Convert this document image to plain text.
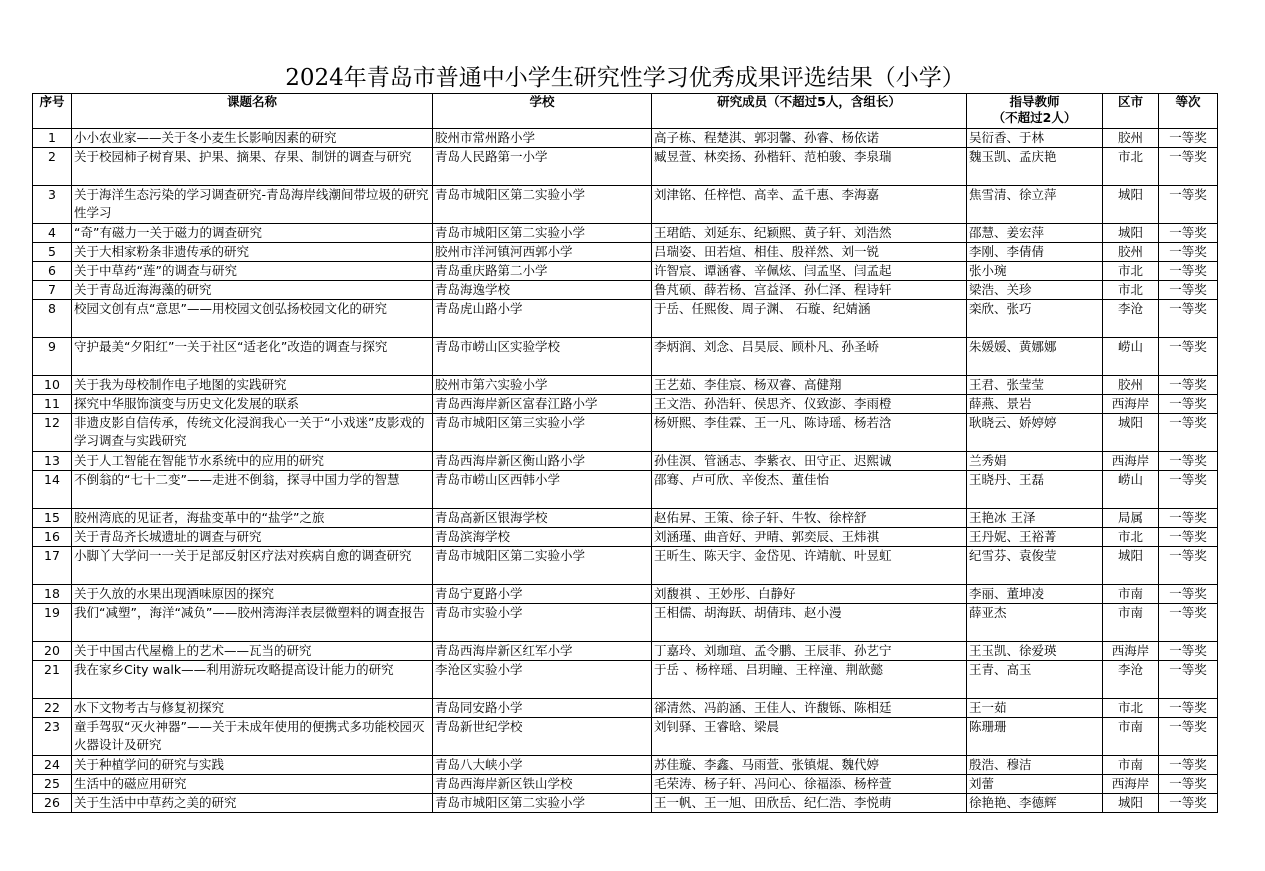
2024年青岛市普通中小学生研究性学习优秀成果评选结果（小学）
序号	课题名称	学校	研究成员（不超过5人，含组长）	指导教师
（不超过2人）	区市	等次
1	小小农业家——关于冬小麦生长影响因素的研究	胶州市常州路小学	高子栋、程楚淇、郭羽馨、孙睿、杨依诺	吴衍香、于林	胶州	一等奖
2	关于校园柿子树育果、护果、摘果、存果、制饼的调查与研究	青岛人民路第一小学	臧昱萱、林奕扬、孙楷轩、范柏骏、李泉瑞	魏玉凯、孟庆艳	市北	一等奖
3	关于海洋生态污染的学习调查研究-青岛海岸线潮间带垃圾的研究性学习	青岛市城阳区第二实验小学	刘津铭、任梓恺、高幸、孟千惠、李海嘉	焦雪清、徐立萍	城阳	一等奖
4	“奇”有磁力一关于磁力的调查研究	青岛市城阳区第二实验小学	王珺皓、刘延东、纪颖熙、黄子轩、刘浩然	邵慧、姜宏萍	城阳	一等奖
5	关于大相家粉条非遗传承的研究	胶州市洋河镇河西郭小学	吕瑞姿、田若煊、相佳、殷祥然、刘一锐	李刚、李倩倩	胶州	一等奖
6	关于中草药“莲”的调查与研究	青岛重庆路第二小学	许智宸、谭涵睿、辛佩炫、闫孟坚、闫孟起	张小琬	市北	一等奖
7	关于青岛近海海藻的研究	青岛海逸学校	鲁芃硕、薛若杨、宫益泽、孙仁泽、程诗轩	梁浩、关珍	市北	一等奖
8	校园文创有点“意思”——用校园文创弘扬校园文化的研究	青岛虎山路小学	于岳、任熙俊、周子渊、 石璇、纪婧涵	栾欣、张巧	李沧	一等奖
9	守护最美“夕阳红”一关于社区“适老化”改造的调查与探究	青岛市崂山区实验学校	李炳润、刘念、吕昊辰、顾朴凡、孙圣峤	朱媛媛、黄娜娜	崂山	一等奖
10	关于我为母校制作电子地图的实践研究	胶州市第六实验小学	王艺茹、李佳宸、杨双睿、高健翔	王君、张莹莹	胶州	一等奖
11	探究中华服饰演变与历史文化发展的联系	青岛西海岸新区富春江路小学	王文浩、孙浩轩、侯思齐、仪致澎、李雨橙	薛燕、景岩	西海岸	一等奖
12	非遗皮影自信传承，传统文化浸润我心一关于“小戏迷”皮影戏的学习调查与实践研究	青岛市城阳区第三实验小学	杨妍熙、李佳霖、王一凡、陈诗瑶、杨若浛	耿晓云、娇婷婷	城阳	一等奖
13	关于人工智能在智能节水系统中的应用的研究	青岛西海岸新区衡山路小学	孙佳溟、管涵志、李紫衣、田守正、迟熙诚	兰秀娟	西海岸	一等奖
14	不倒翁的“七十二变”——走进不倒翁，探寻中国力学的智慧	青岛市崂山区西韩小学	邵骞、卢可欣、辛俊杰、董佳怡	王晓丹、王磊	崂山	一等奖
15	胶州湾底的见证者，海盐变革中的“盐学”之旅	青岛高新区银海学校	赵佑昇、王策、徐子轩、牛牧、徐梓舒	王艳冰 王泽	局属	一等奖
16	关于青岛齐长城遗址的调查与研究	青岛滨海学校	刘涵瑾、曲音好、尹晴、郭奕辰、王炜祺	王丹妮、王裕菁	市北	一等奖
17	小脚丫大学问一一关于足部反射区疗法对疾病自愈的调查研究	青岛市城阳区第二实验小学	王昕生、陈天宇、金岱见、许靖航、叶昱虹	纪雪芬、袁俊莹	城阳	一等奖
18	关于久放的水果出现酒味原因的探究	青岛宁夏路小学	刘馥祺 、王妙彤、白静好	李丽、董坤凌	市南	一等奖
19	我们“减塑”，海洋“减负”——胶州湾海洋表层微塑料的调查报告	青岛市实验小学	王相儒、胡海跃、胡倩玮、赵小漫	薛亚杰	市南	一等奖
20	关于中国古代屋檐上的艺术——瓦当的研究	青岛西海岸新区红军小学	丁嘉玲、刘珈瑄、孟令鹏、王辰菲、孙艺宁	王玉凯、徐爱瑛	西海岸	一等奖
21	我在家乡City walk——利用游玩攻略提高设计能力的研究	李沧区实验小学	于岳 、杨梓瑶、吕玥瞳、王梓潼、荆歆懿	王青、高玉	李沧	一等奖
22	水下文物考古与修复初探究	青岛同安路小学	郤清然、冯韵涵、王佳人、许馥铄、陈相廷	王一茹	市北	一等奖
23	童手驾驭“灭火神器”——关于未成年使用的便携式多功能校园灭火器设计及研究	青岛新世纪学校	刘钊驿、王睿晗、梁晨	陈珊珊	市南	一等奖
24	关于种植学问的研究与实践	青岛八大峡小学	苏佳璇、李鑫、马雨萱、张镇焜、魏代婷	殷浩、穆洁	市南	一等奖
25	生活中的磁应用研究	青岛西海岸新区铁山学校	毛荣涛、杨子轩、冯问心、徐福添、杨梓萱	刘蕾	西海岸	一等奖
26	关于生活中中草药之美的研究	青岛市城阳区第二实验小学	王一帆、王一旭、田欣岳、纪仁浩、李悦萌	徐艳艳、李德辉	城阳	一等奖
